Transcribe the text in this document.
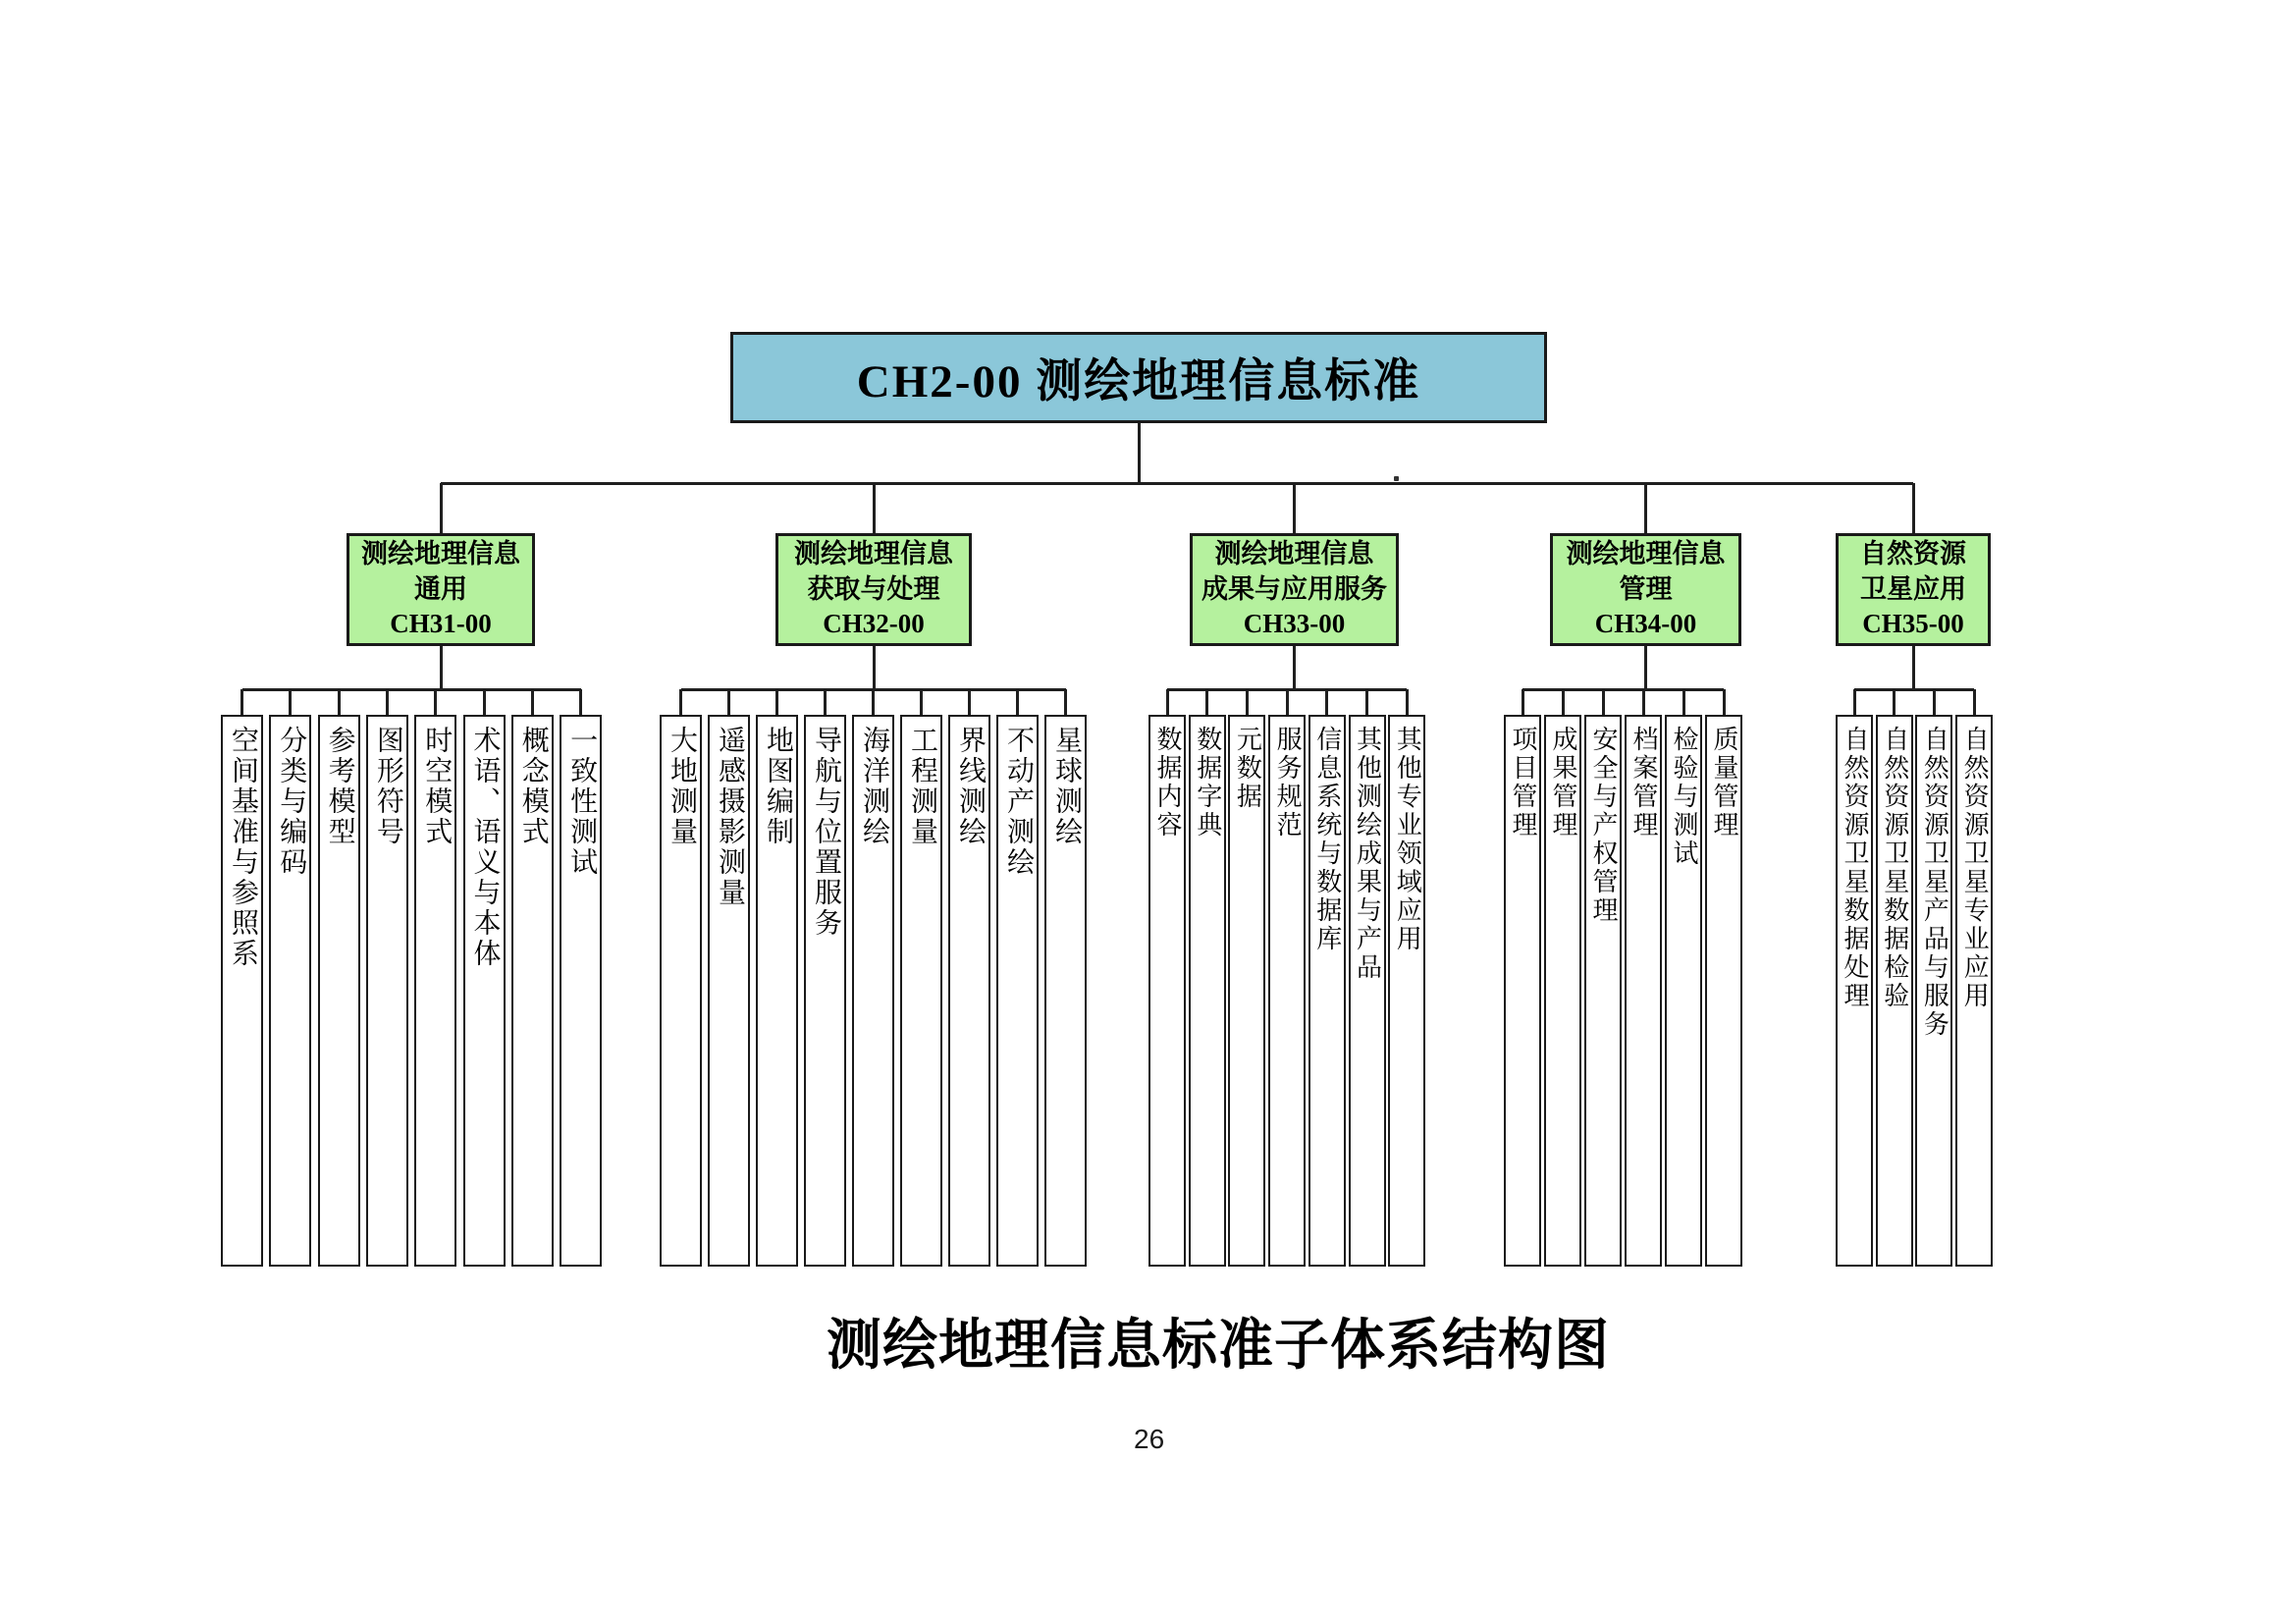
CH2-00 测绘地理信息标准
测绘地理信息
通用
CH31-00
空间基准与参照系 分类与编码 参考模型 图形符号 时空模式 术语、语义与本体 概念模式 一致性测试
测绘地理信息
获取与处理
CH32-00
大地测量 遥感摄影测量 地图编制 导航与位置服务 海洋测绘 工程测量 界线测绘 不动产测绘 星球测绘
测绘地理信息
成果与应用服务
CH33-00
数据内容 数据字典 元数据 服务规范 信息系统与数据库 其他测绘成果与产品 其他专业领域应用
测绘地理信息
管理
CH34-00
项目管理 成果管理 安全与产权管理 档案管理 检验与测试 质量管理
自然资源
卫星应用
CH35-00
自然资源卫星数据处理 自然资源卫星数据检验 自然资源卫星产品与服务 自然资源卫星专业应用
测绘地理信息标准子体系结构图
26
